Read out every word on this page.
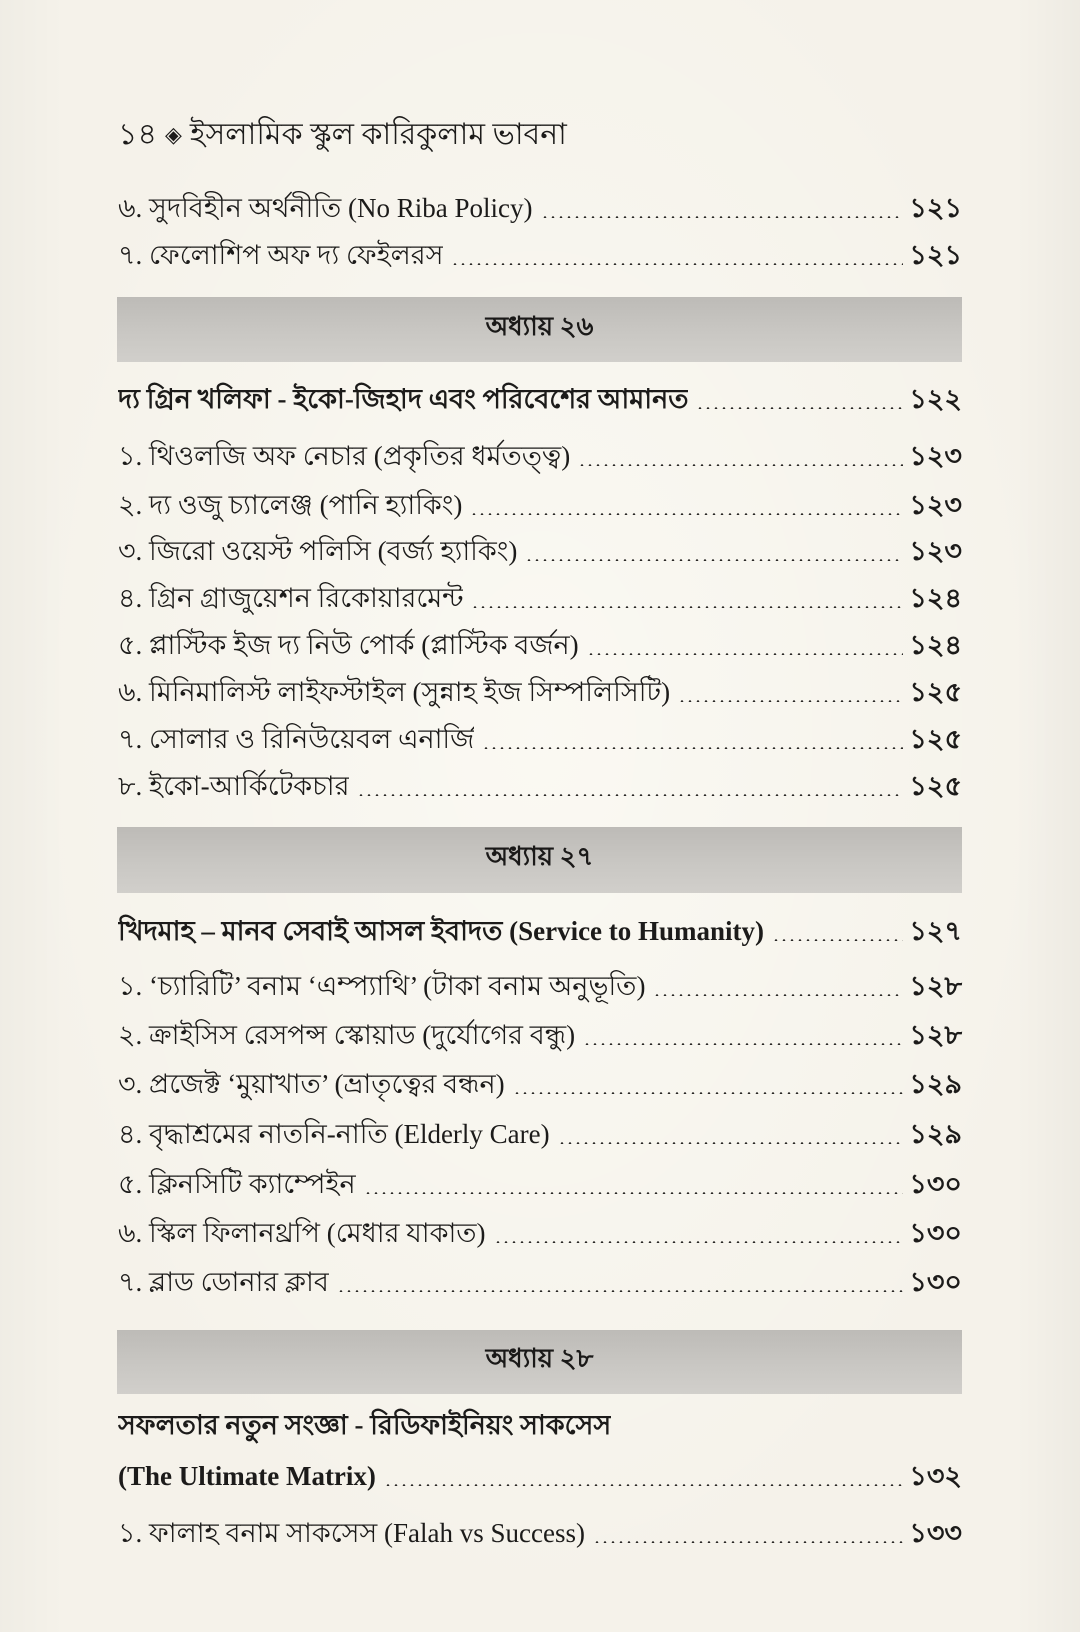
১৪ ◈ ইসলামিক স্কুল কারিকুলাম ভাবনা
৬. সুদবিহীন অর্থনীতি (No Riba Policy)	১২১
৭. ফেলোশিপ অফ দ্য ফেইলরস	১২১
অধ্যায় ২৬
দ্য গ্রিন খলিফা - ইকো-জিহাদ এবং পরিবেশের আমানত	১২২
১. থিওলজি অফ নেচার (প্রকৃতির ধর্মতত্ত্ব)	১২৩
২. দ্য ওজু চ্যালেঞ্জ (পানি হ্যাকিং)	১২৩
৩. জিরো ওয়েস্ট পলিসি (বর্জ্য হ্যাকিং)	১২৩
৪. গ্রিন গ্রাজুয়েশন রিকোয়ারমেন্ট	১২৪
৫. প্লাস্টিক ইজ দ্য নিউ পোর্ক (প্লাস্টিক বর্জন)	১২৪
৬. মিনিমালিস্ট লাইফস্টাইল (সুন্নাহ ইজ সিম্পলিসিটি)	১২৫
৭. সোলার ও রিনিউয়েবল এনার্জি	১২৫
৮. ইকো-আর্কিটেকচার	১২৫
অধ্যায় ২৭
খিদমাহ – মানব সেবাই আসল ইবাদত (Service to Humanity)	১২৭
১. ‘চ্যারিটি’ বনাম ‘এম্প্যাথি’ (টাকা বনাম অনুভূতি)	১২৮
২. ক্রাইসিস রেসপন্স স্কোয়াড (দুর্যোগের বন্ধু)	১২৮
৩. প্রজেক্ট ‘মুয়াখাত’ (ভ্রাতৃত্বের বন্ধন)	১২৯
৪. বৃদ্ধাশ্রমের নাতনি-নাতি (Elderly Care)	১২৯
৫. ক্লিনসিটি ক্যাম্পেইন	১৩০
৬. স্কিল ফিলানথ্রপি (মেধার যাকাত)	১৩০
৭. ব্লাড ডোনার ক্লাব	১৩০
অধ্যায় ২৮
সফলতার নতুন সংজ্ঞা - রিডিফাইনিয়ং সাকসেস
(The Ultimate Matrix)	১৩২
১. ফালাহ বনাম সাকসেস (Falah vs Success)	১৩৩
